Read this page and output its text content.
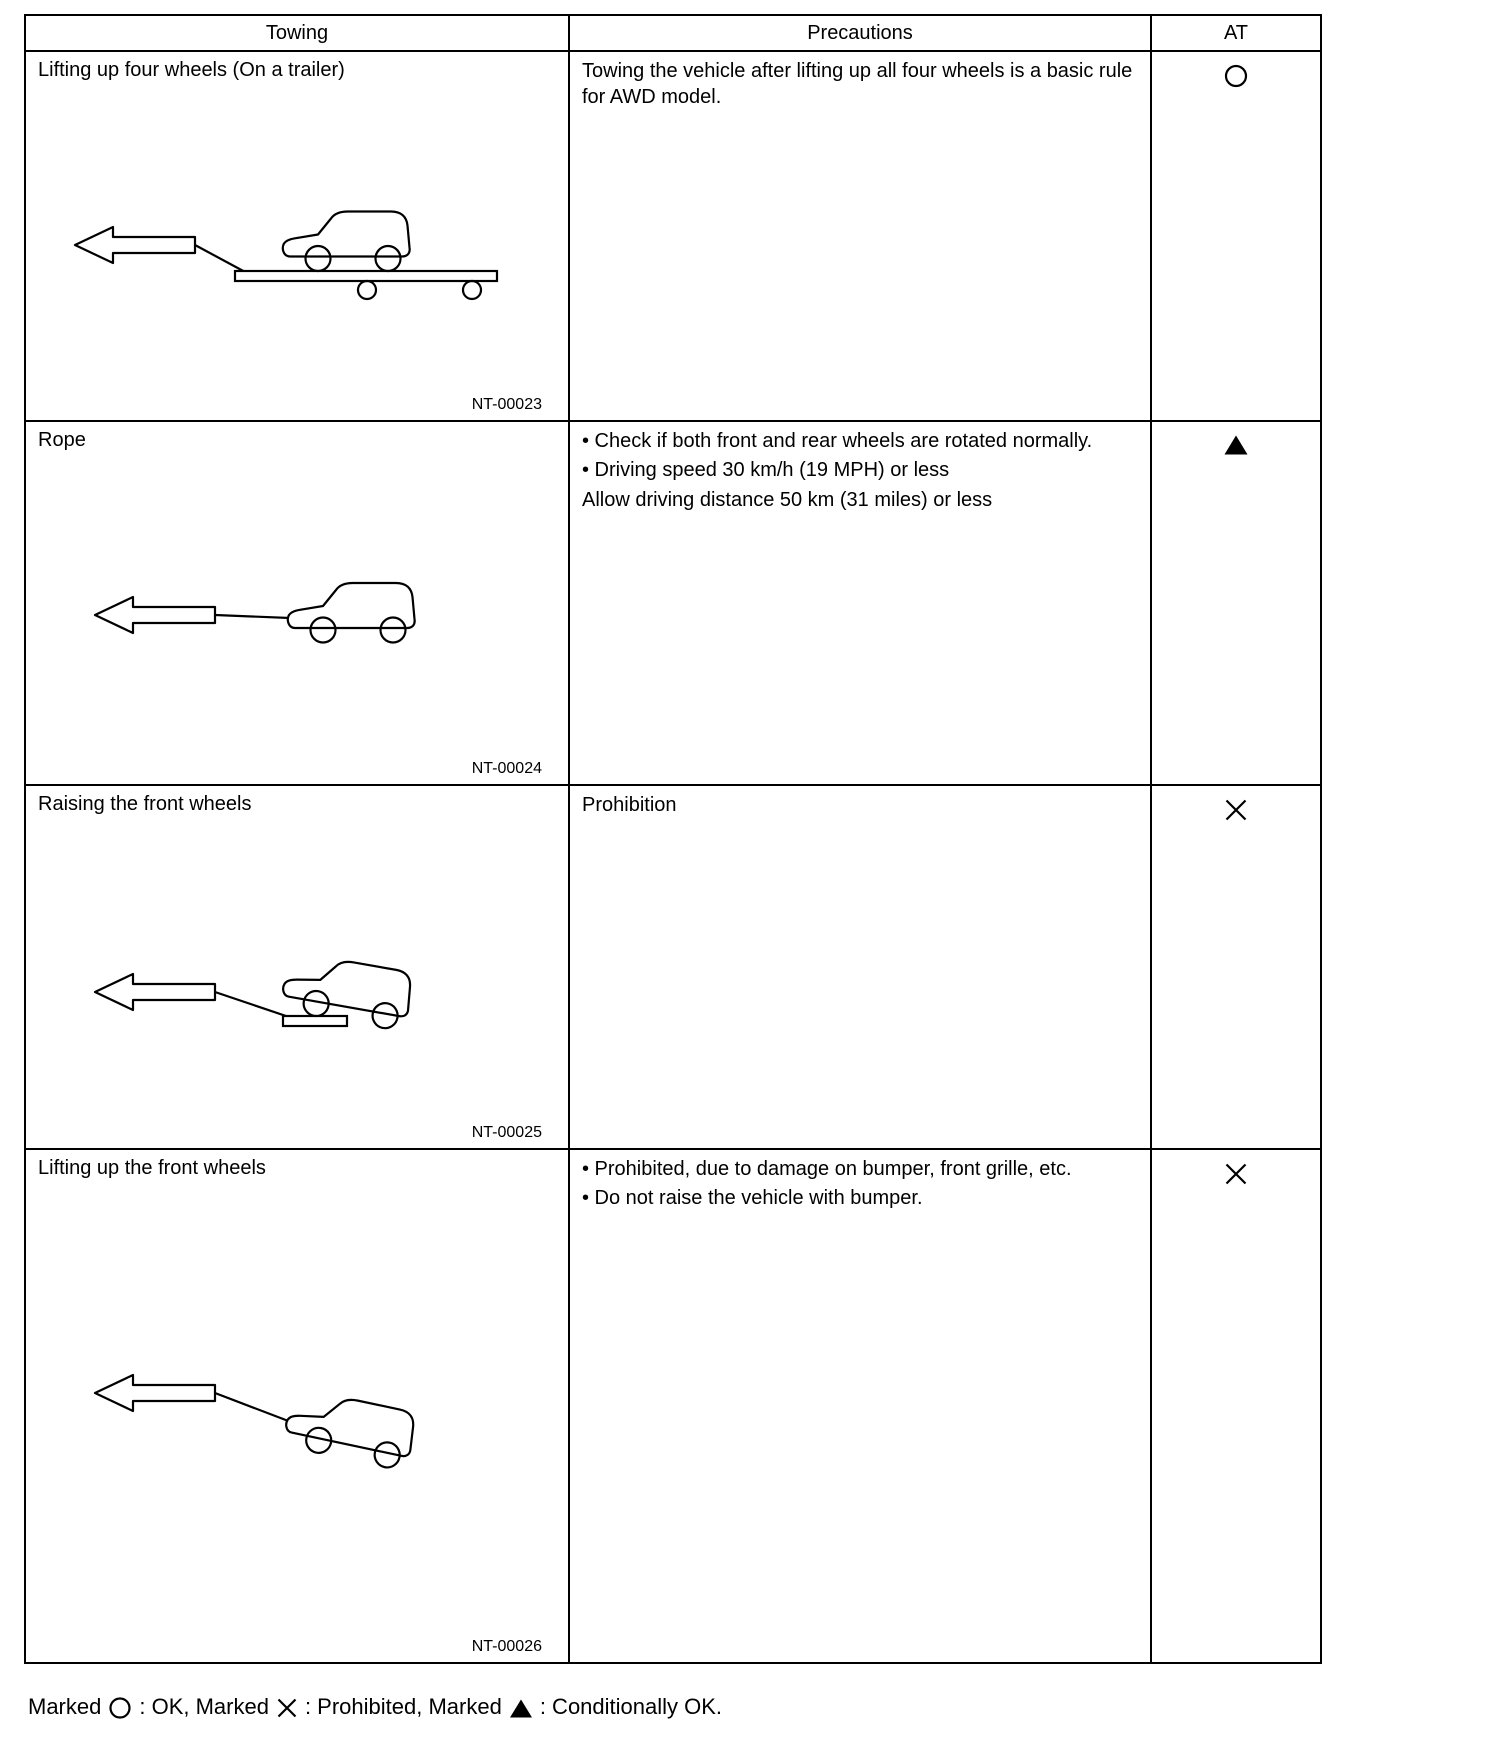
Towing	Precautions	AT
Lifting up four wheels (On a trailer)
NT-00023
Towing the vehicle after lifting up all four wheels is a basic rule for AWD model.
Rope
NT-00024
• Check if both front and rear wheels are rotated normally.
• Driving speed 30 km/h (19 MPH) or less
Allow driving distance 50 km (31 miles) or less
Raising the front wheels
NT-00025
Prohibition
Lifting up the front wheels
NT-00026
• Prohibited, due to damage on bumper, front grille, etc.
• Do not raise the vehicle with bumper.
Marked : OK, Marked : Prohibited, Marked : Conditionally OK.
